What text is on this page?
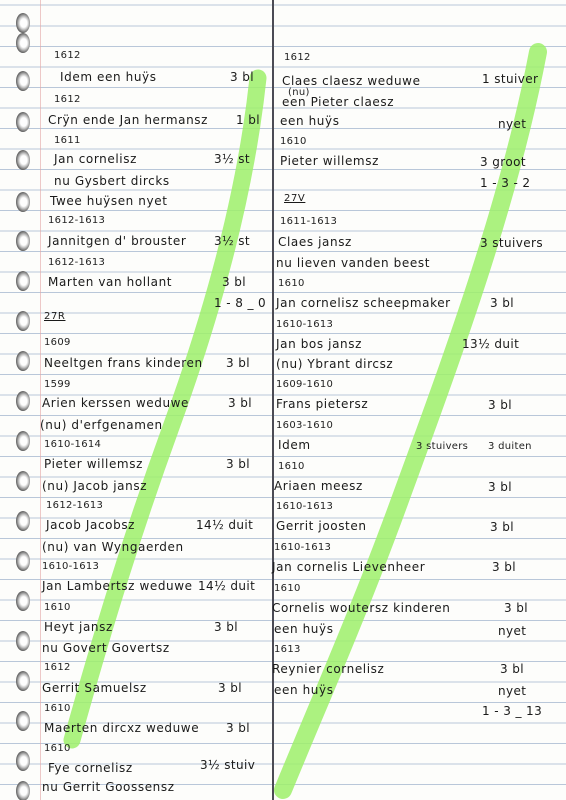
1612
Idem een huÿs	3 bl
1612
Crÿn ende Jan hermansz 1 bl
1611
Jan cornelisz	3½ st
nu Gysbert dircks
Twee huÿsen nyet
1612-1613
Jannitgen d' brouster 3½ st
1612-1613
Marten van hollant	3 bl
1 - 8 _ 0
27R
1609
Neeltgen frans kinderen 3 bl
1599
Arien kerssen weduwe	3 bl
(nu) d'erfgenamen
1610-1614
Pieter willemsz	3 bl
(nu) Jacob jansz
1612-1613
Jacob Jacobsz	14½ duit
(nu) van Wyngaerden
1610-1613
Jan Lambertsz weduwe 14½ duit
1610
Heyt jansz	3 bl
nu Govert Govertsz
1612
Gerrit Samuelsz	3 bl
1610
Maerten dircxz weduwe 3 bl
1610
Fye cornelisz	3½ stuiv
nu Gerrit Goossensz
1612
Claes claesz weduwe	1 stuiver
(nu)
een Pieter claesz
een huÿs	nyet
1610
Pieter willemsz	3 groot
1 - 3 - 2
27V
1611-1613
Claes jansz	3 stuivers
nu lieven vanden beest
1610
Jan cornelisz scheepmaker	3 bl
1610-1613
Jan bos jansz	13½ duit
(nu) Ybrant dircsz
1609-1610
Frans pietersz	3 bl
1603-1610
Idem	3 stuivers 3 duiten
1610
Ariaen meesz	3 bl
1610-1613
Gerrit joosten	3 bl
1610-1613
Jan cornelis Lievenheer	3 bl
1610
Cornelis woutersz kinderen	3 bl
een huÿs	nyet
1613
Reynier cornelisz	3 bl
een huÿs	nyet
1 - 3 _ 13
